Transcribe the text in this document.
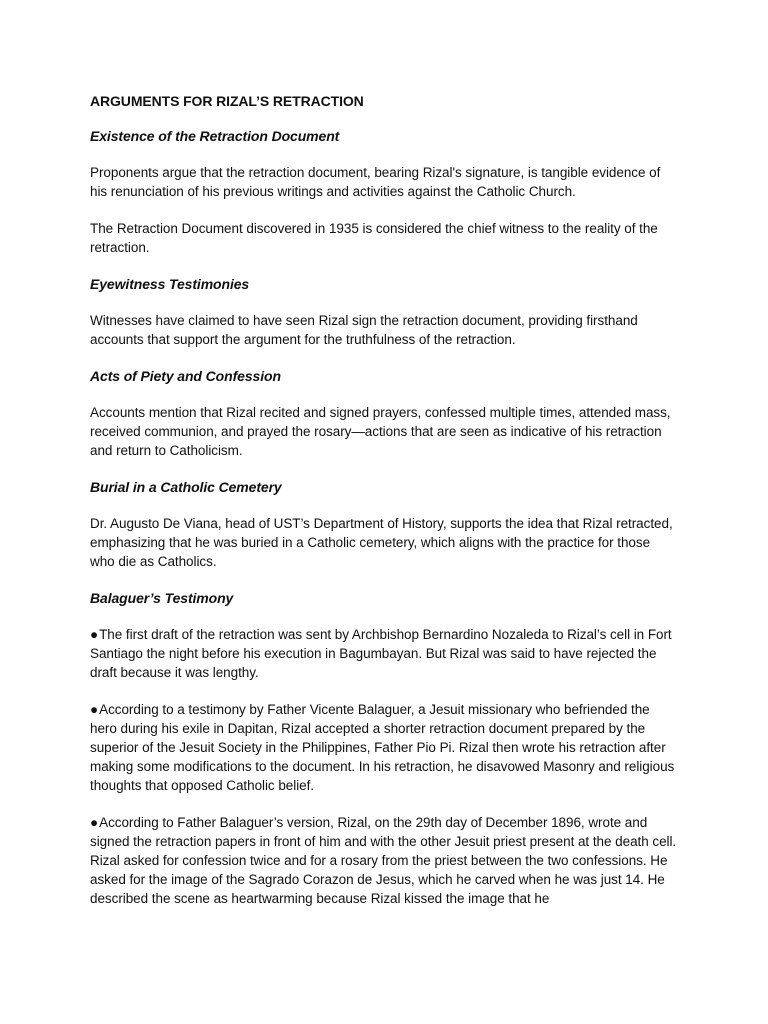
ARGUMENTS FOR RIZAL’S RETRACTION
Existence of the Retraction Document

Proponents argue that the retraction document, bearing Rizal's signature, is tangible evidence of his renunciation of his previous writings and activities against the Catholic Church.

The Retraction Document discovered in 1935 is considered the chief witness to the reality of the retraction.

Eyewitness Testimonies

Witnesses have claimed to have seen Rizal sign the retraction document, providing firsthand accounts that support the argument for the truthfulness of the retraction.

Acts of Piety and Confession

Accounts mention that Rizal recited and signed prayers, confessed multiple times, attended mass, received communion, and prayed the rosary—actions that are seen as indicative of his retraction and return to Catholicism.

Burial in a Catholic Cemetery

Dr. Augusto De Viana, head of UST’s Department of History, supports the idea that Rizal retracted, emphasizing that he was buried in a Catholic cemetery, which aligns with the practice for those who die as Catholics.

Balaguer’s Testimony

●The first draft of the retraction was sent by Archbishop Bernardino Nozaleda to Rizal’s cell in Fort Santiago the night before his execution in Bagumbayan. But Rizal was said to have rejected the draft because it was lengthy.

●According to a testimony by Father Vicente Balaguer, a Jesuit missionary who befriended the hero during his exile in Dapitan, Rizal accepted a shorter retraction document prepared by the superior of the Jesuit Society in the Philippines, Father Pio Pi. Rizal then wrote his retraction after making some modifications to the document. In his retraction, he disavowed Masonry and religious thoughts that opposed Catholic belief.

●According to Father Balaguer’s version, Rizal, on the 29th day of December 1896, wrote and signed the retraction papers in front of him and with the other Jesuit priest present at the death cell. Rizal asked for confession twice and for a rosary from the priest between the two confessions. He asked for the image of the Sagrado Corazon de Jesus, which he carved when he was just 14. He described the scene as heartwarming because Rizal kissed the image that he
